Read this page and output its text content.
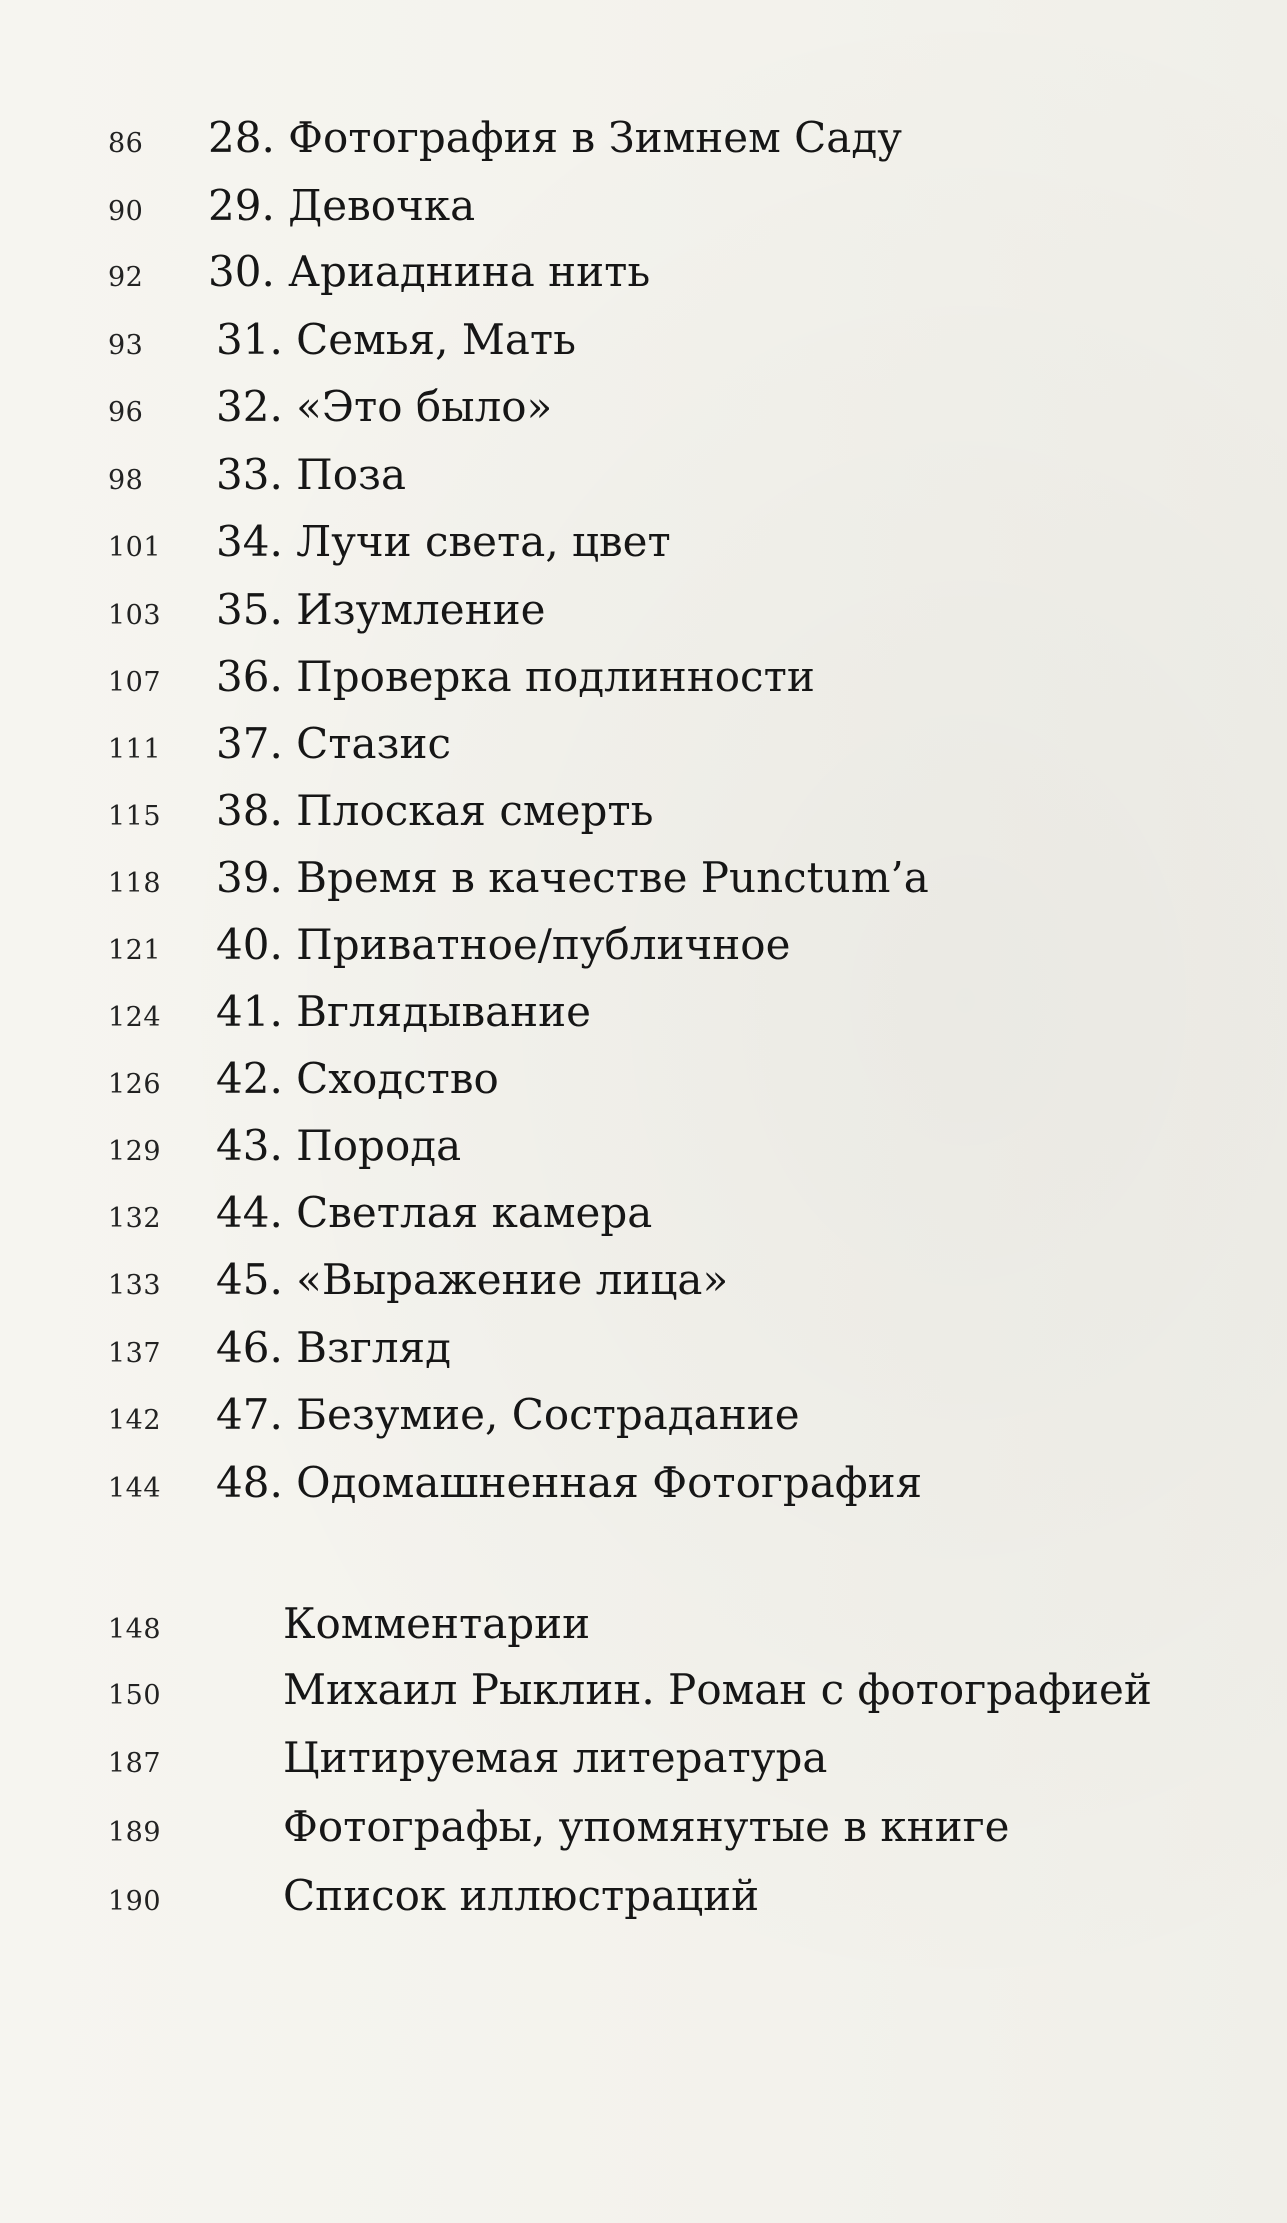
86 28. Фотография в Зимнем Саду
90 29. Девочка
92 30. Ариаднина нить
93 31. Семья, Мать
96 32. «Это было»
98 33. Поза
101 34. Лучи света, цвет
103 35. Изумление
107 36. Проверка подлинности
111 37. Стазис
115 38. Плоская смерть
118 39. Время в качестве Punctum’a
121 40. Приватное/публичное
124 41. Вглядывание
126 42. Сходство
129 43. Порода
132 44. Светлая камера
133 45. «Выражение лица»
137 46. Взгляд
142 47. Безумие, Сострадание
144 48. Одомашненная Фотография
148	Комментарии
150	Михаил Рыклин. Роман с фотографией
187	Цитируемая литература
189	Фотографы, упомянутые в книге
190	Список иллюстраций
